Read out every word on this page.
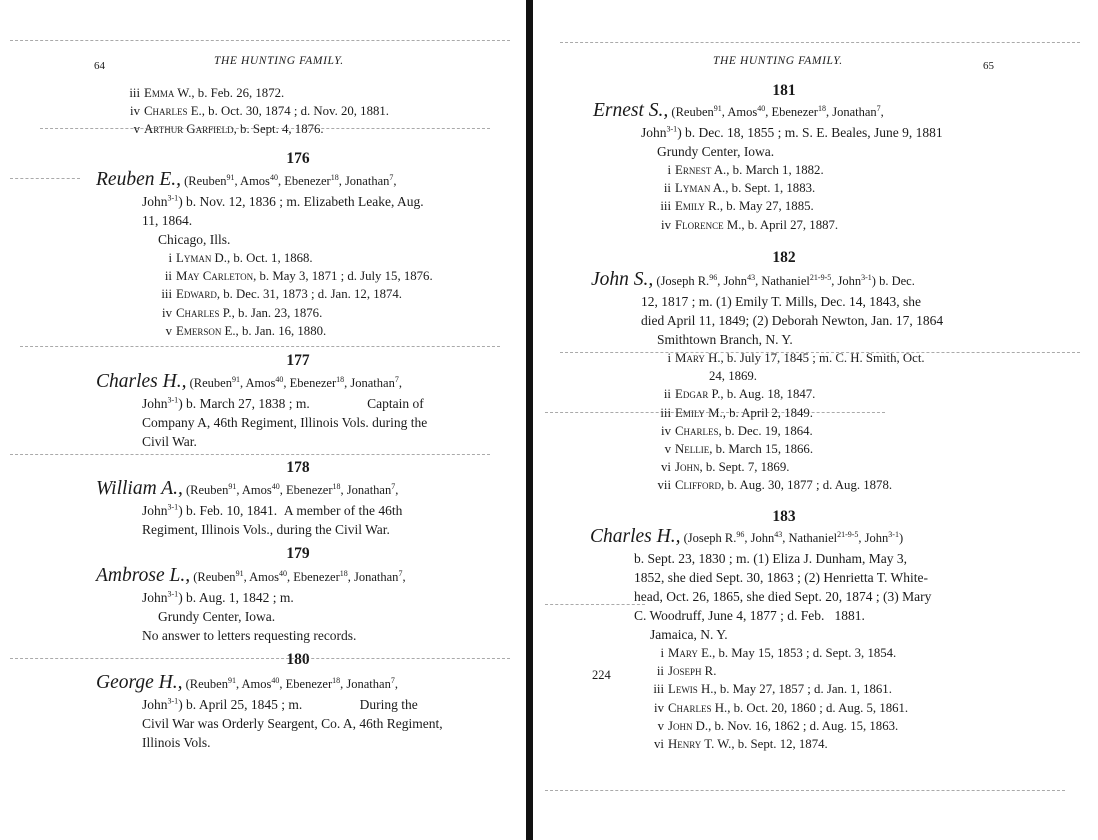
64	THE HUNTING FAMILY.
iii Emma W., b. Feb. 26, 1872.
iv Charles E., b. Oct. 30, 1874 ; d. Nov. 20, 1881.
v Arthur Garfield, b. Sept. 4, 1876.
176
Reuben E., (Reuben$^{91}$, Amos$^{40}$, Ebenezer$^{18}$, Jonathan$^7$,
John$^{3-1}$) b. Nov. 12, 1836 ; m. Elizabeth Leake, Aug.
11, 1864.
Chicago, Ills.
i Lyman D., b. Oct. 1, 1868.
ii May Carleton, b. May 3, 1871 ; d. July 15, 1876.
iii Edward, b. Dec. 31, 1873 ; d. Jan. 12, 1874.
iv Charles P., b. Jan. 23, 1876.
v Emerson E., b. Jan. 16, 1880.
177
Charles H., (Reuben$^{91}$, Amos$^{40}$, Ebenezer$^{18}$, Jonathan$^7$,
John$^{3-1}$) b. March 27, 1838 ; m.                 Captain of
Company A, 46th Regiment, Illinois Vols. during the
Civil War.
178
William A., (Reuben$^{91}$, Amos$^{40}$, Ebenezer$^{18}$, Jonathan$^7$,
John$^{3-1}$) b. Feb. 10, 1841.  A member of the 46th
Regiment, Illinois Vols., during the Civil War.
179
Ambrose L., (Reuben$^{91}$, Amos$^{40}$, Ebenezer$^{18}$, Jonathan$^7$,
John$^{3-1}$) b. Aug. 1, 1842 ; m.
Grundy Center, Iowa.
No answer to letters requesting records.
180
George H., (Reuben$^{91}$, Amos$^{40}$, Ebenezer$^{18}$, Jonathan$^7$,
John$^{3-1}$) b. April 25, 1845 ; m.                 During the
Civil War was Orderly Seargent, Co. A, 46th Regiment,
Illinois Vols.
THE HUNTING FAMILY.	65
181
Ernest S., (Reuben$^{91}$, Amos$^{40}$, Ebenezer$^{18}$, Jonathan$^7$,
John$^{3-1}$) b. Dec. 18, 1855 ; m. S. E. Beales, June 9, 1881
Grundy Center, Iowa.
i Ernest A., b. March 1, 1882.
ii Lyman A., b. Sept. 1, 1883.
iii Emily R., b. May 27, 1885.
iv Florence M., b. April 27, 1887.
182
John S., (Joseph R.$^{96}$, John$^{43}$, Nathaniel$^{21-9-5}$, John$^{3-1}$) b. Dec.
12, 1817 ; m. (1) Emily T. Mills, Dec. 14, 1843, she
died April 11, 1849; (2) Deborah Newton, Jan. 17, 1864
Smithtown Branch, N. Y.
i Mary H., b. July 17, 1845 ; m. C. H. Smith, Oct.
24, 1869.
ii Edgar P., b. Aug. 18, 1847.
iii Emily M., b. April 2, 1849.
iv Charles, b. Dec. 19, 1864.
v Nellie, b. March 15, 1866.
vi John, b. Sept. 7, 1869.
vii Clifford, b. Aug. 30, 1877 ; d. Aug. 1878.
183
Charles H., (Joseph R.$^{96}$, John$^{43}$, Nathaniel$^{21-9-5}$, John$^{3-1}$)
b. Sept. 23, 1830 ; m. (1) Eliza J. Dunham, May 3,
1852, she died Sept. 30, 1863 ; (2) Henrietta T. White-
head, Oct. 26, 1865, she died Sept. 20, 1874 ; (3) Mary
C. Woodruff, June 4, 1877 ; d. Feb.   1881.
Jamaica, N. Y.
i Mary E., b. May 15, 1853 ; d. Sept. 3, 1854.
ii Joseph R.
iii Lewis H., b. May 27, 1857 ; d. Jan. 1, 1861.
iv Charles H., b. Oct. 20, 1860 ; d. Aug. 5, 1861.
v John D., b. Nov. 16, 1862 ; d. Aug. 15, 1863.
vi Henry T. W., b. Sept. 12, 1874.
224
